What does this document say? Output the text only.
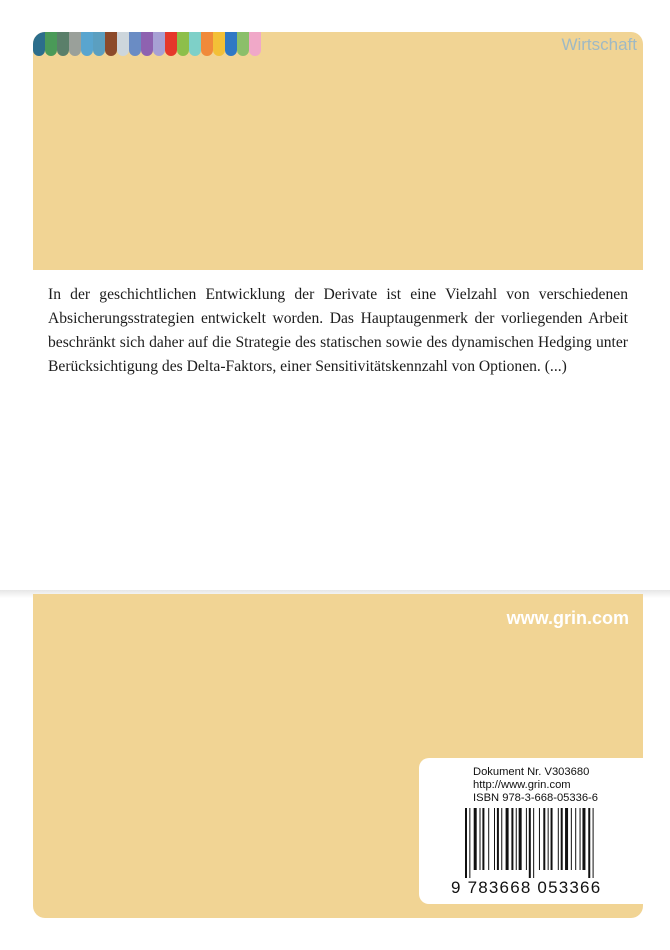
Wirtschaft

In der geschichtlichen Entwicklung der Derivate ist eine Vielzahl von verschiedenen Absicherungsstrategien entwickelt worden. Das Hauptaugenmerk der vorliegenden Arbeit beschränkt sich daher auf die Strategie des statischen sowie des dynamischen Hedging unter Berücksichtigung des Delta-Faktors, einer Sensitivitätskennzahl von Optionen. (...)

www.grin.com
Dokument Nr. V303680
http://www.grin.com
ISBN 978-3-668-05336-6
9 783668 053366
